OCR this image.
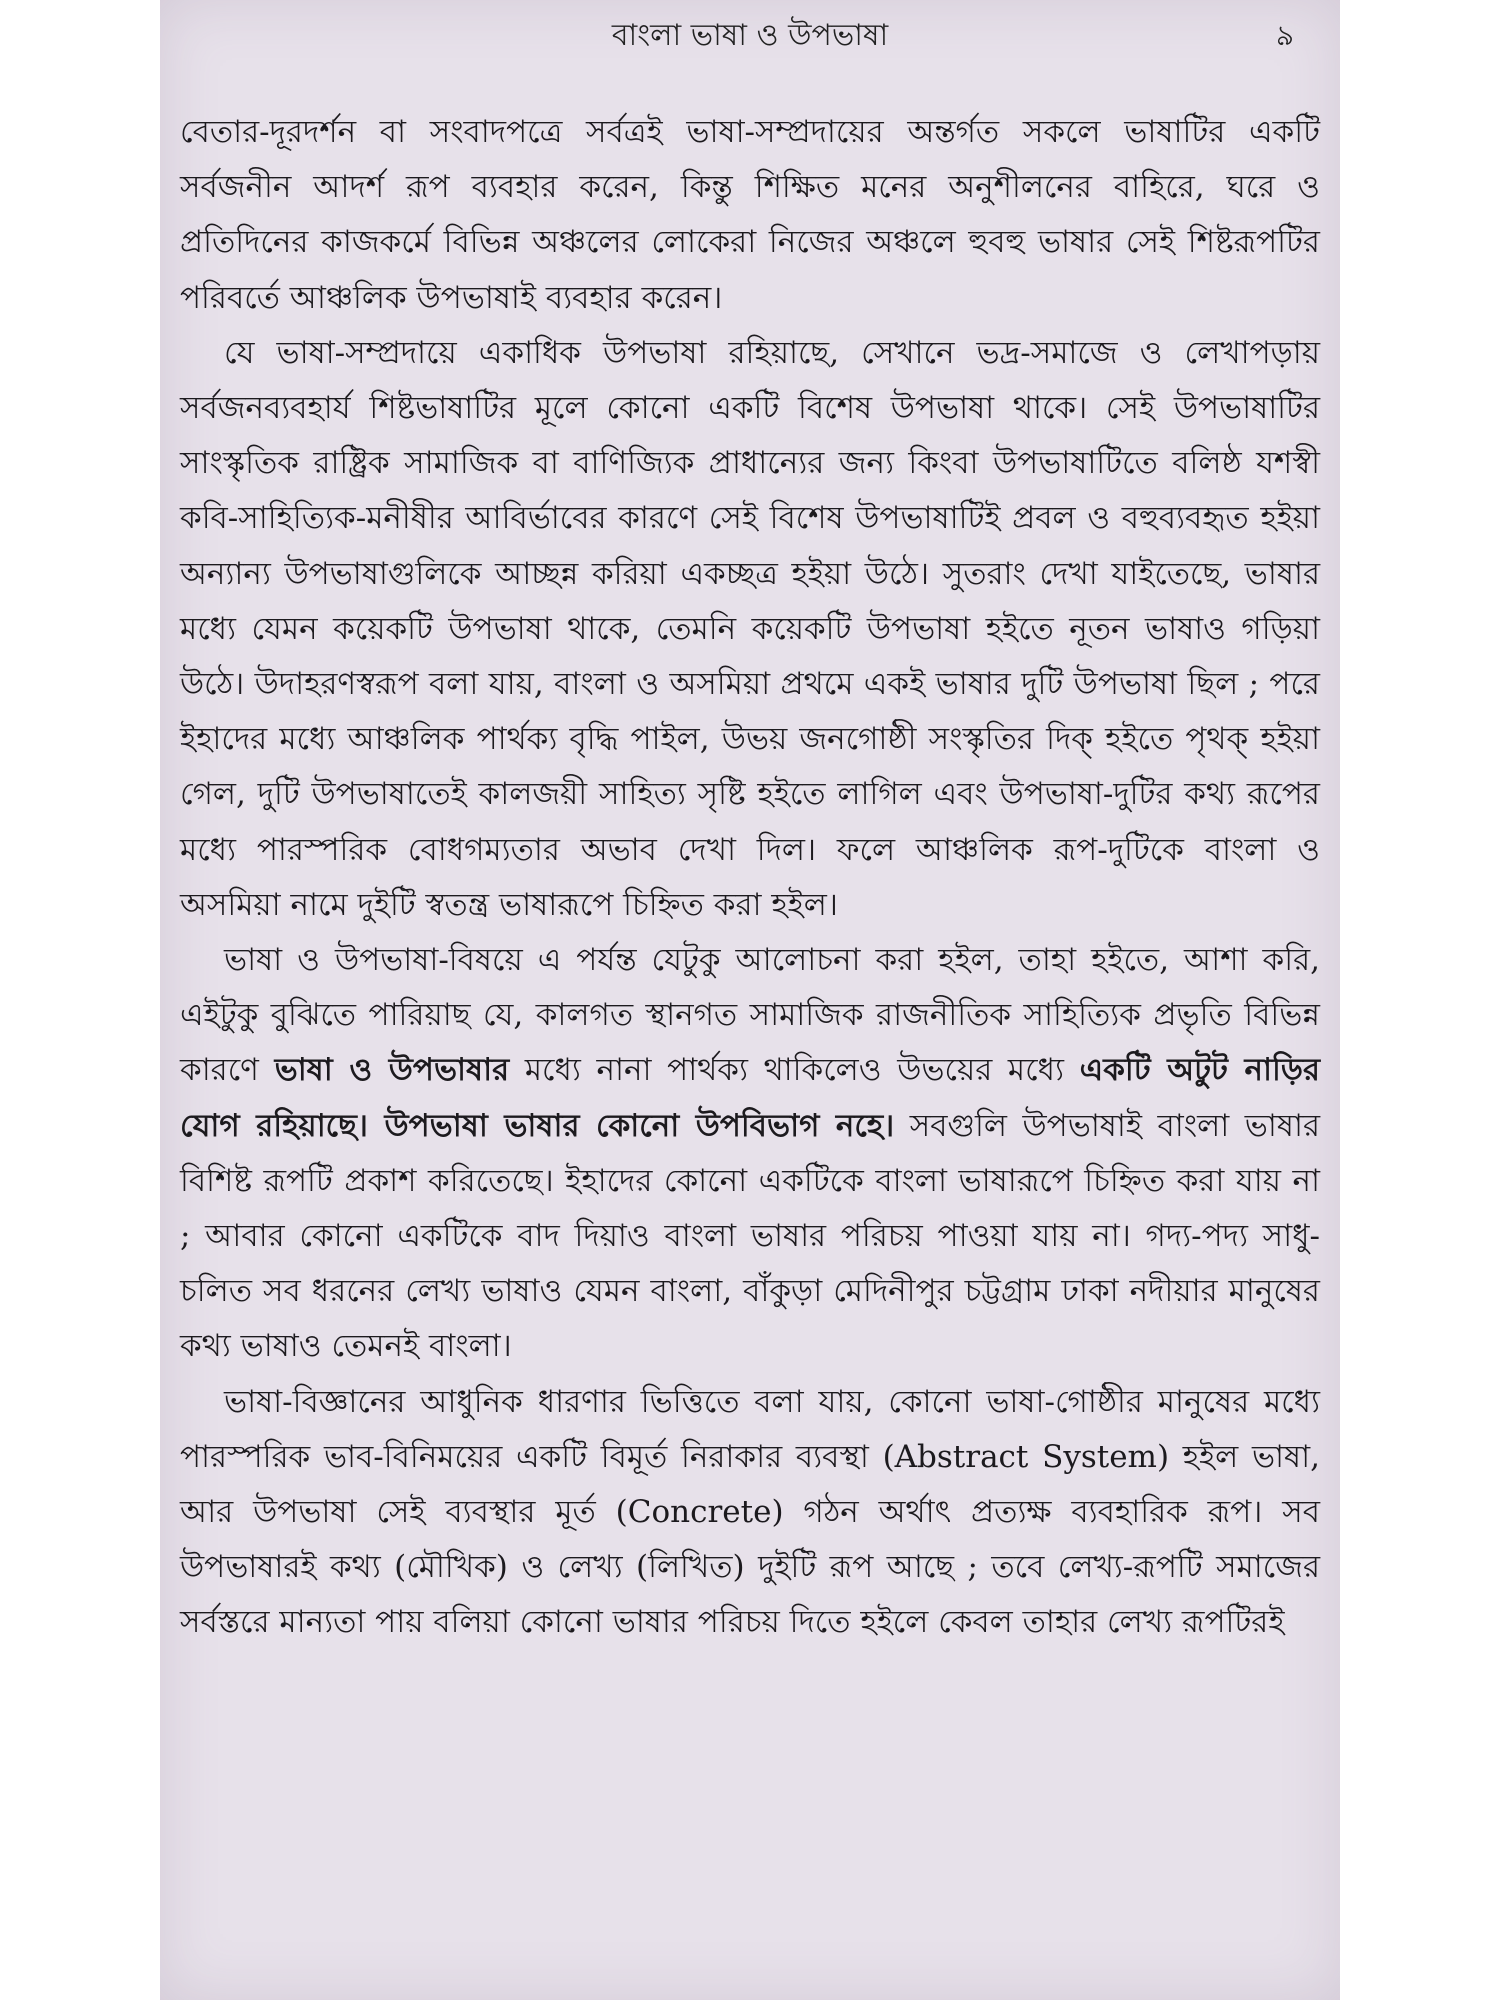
বাংলা ভাষা ও উপভাষা	৯

বেতার-দূরদর্শন বা সংবাদপত্রে সর্বত্রই ভাষা-সম্প্রদায়ের অন্তর্গত সকলে ভাষাটির একটি সর্বজনীন আদর্শ রূপ ব্যবহার করেন, কিন্তু শিক্ষিত মনের অনুশীলনের বাহিরে, ঘরে ও প্রতিদিনের কাজকর্মে বিভিন্ন অঞ্চলের লোকেরা নিজের অঞ্চলে হুবহু ভাষার সেই শিষ্টরূপটির পরিবর্তে আঞ্চলিক উপভাষাই ব্যবহার করেন।

যে ভাষা-সম্প্রদায়ে একাধিক উপভাষা রহিয়াছে, সেখানে ভদ্র-সমাজে ও লেখাপড়ায় সর্বজনব্যবহার্য শিষ্টভাষাটির মূলে কোনো একটি বিশেষ উপভাষা থাকে। সেই উপভাষাটির সাংস্কৃতিক রাষ্ট্রিক সামাজিক বা বাণিজ্যিক প্রাধান্যের জন্য কিংবা উপভাষাটিতে বলিষ্ঠ যশস্বী কবি-সাহিত্যিক-মনীষীর আবির্ভাবের কারণে সেই বিশেষ উপভাষাটিই প্রবল ও বহুব্যবহৃত হইয়া অন্যান্য উপভাষাগুলিকে আচ্ছন্ন করিয়া একচ্ছত্র হইয়া উঠে। সুতরাং দেখা যাইতেছে, ভাষার মধ্যে যেমন কয়েকটি উপভাষা থাকে, তেমনি কয়েকটি উপভাষা হইতে নূতন ভাষাও গড়িয়া উঠে। উদাহরণস্বরূপ বলা যায়, বাংলা ও অসমিয়া প্রথমে একই ভাষার দুটি উপভাষা ছিল ; পরে ইহাদের মধ্যে আঞ্চলিক পার্থক্য বৃদ্ধি পাইল, উভয় জনগোষ্ঠী সংস্কৃতির দিক্ হইতে পৃথক্ হইয়া গেল, দুটি উপভাষাতেই কালজয়ী সাহিত্য সৃষ্টি হইতে লাগিল এবং উপভাষা-দুটির কথ্য রূপের মধ্যে পারস্পরিক বোধগম্যতার অভাব দেখা দিল। ফলে আঞ্চলিক রূপ-দুটিকে বাংলা ও অসমিয়া নামে দুইটি স্বতন্ত্র ভাষারূপে চিহ্নিত করা হইল।

ভাষা ও উপভাষা-বিষয়ে এ পর্যন্ত যেটুকু আলোচনা করা হইল, তাহা হইতে, আশা করি, এইটুকু বুঝিতে পারিয়াছ যে, কালগত স্থানগত সামাজিক রাজনীতিক সাহিত্যিক প্রভৃতি বিভিন্ন কারণে ভাষা ও উপভাষার মধ্যে নানা পার্থক্য থাকিলেও উভয়ের মধ্যে একটি অটুট নাড়ির যোগ রহিয়াছে। উপভাষা ভাষার কোনো উপবিভাগ নহে। সবগুলি উপভাষাই বাংলা ভাষার বিশিষ্ট রূপটি প্রকাশ করিতেছে। ইহাদের কোনো একটিকে বাংলা ভাষারূপে চিহ্নিত করা যায় না ; আবার কোনো একটিকে বাদ দিয়াও বাংলা ভাষার পরিচয় পাওয়া যায় না। গদ্য-পদ্য সাধু-চলিত সব ধরনের লেখ্য ভাষাও যেমন বাংলা, বাঁকুড়া মেদিনীপুর চট্টগ্রাম ঢাকা নদীয়ার মানুষের কথ্য ভাষাও তেমনই বাংলা।

ভাষা-বিজ্ঞানের আধুনিক ধারণার ভিত্তিতে বলা যায়, কোনো ভাষা-গোষ্ঠীর মানুষের মধ্যে পারস্পরিক ভাব-বিনিময়ের একটি বিমূর্ত নিরাকার ব্যবস্থা (Abstract System) হইল ভাষা, আর উপভাষা সেই ব্যবস্থার মূর্ত (Concrete) গঠন অর্থাৎ প্রত্যক্ষ ব্যবহারিক রূপ। সব উপভাষারই কথ্য (মৌখিক) ও লেখ্য (লিখিত) দুইটি রূপ আছে ; তবে লেখ্য-রূপটি সমাজের সর্বস্তরে মান্যতা পায় বলিয়া কোনো ভাষার পরিচয় দিতে হইলে কেবল তাহার লেখ্য রূপটিরই
